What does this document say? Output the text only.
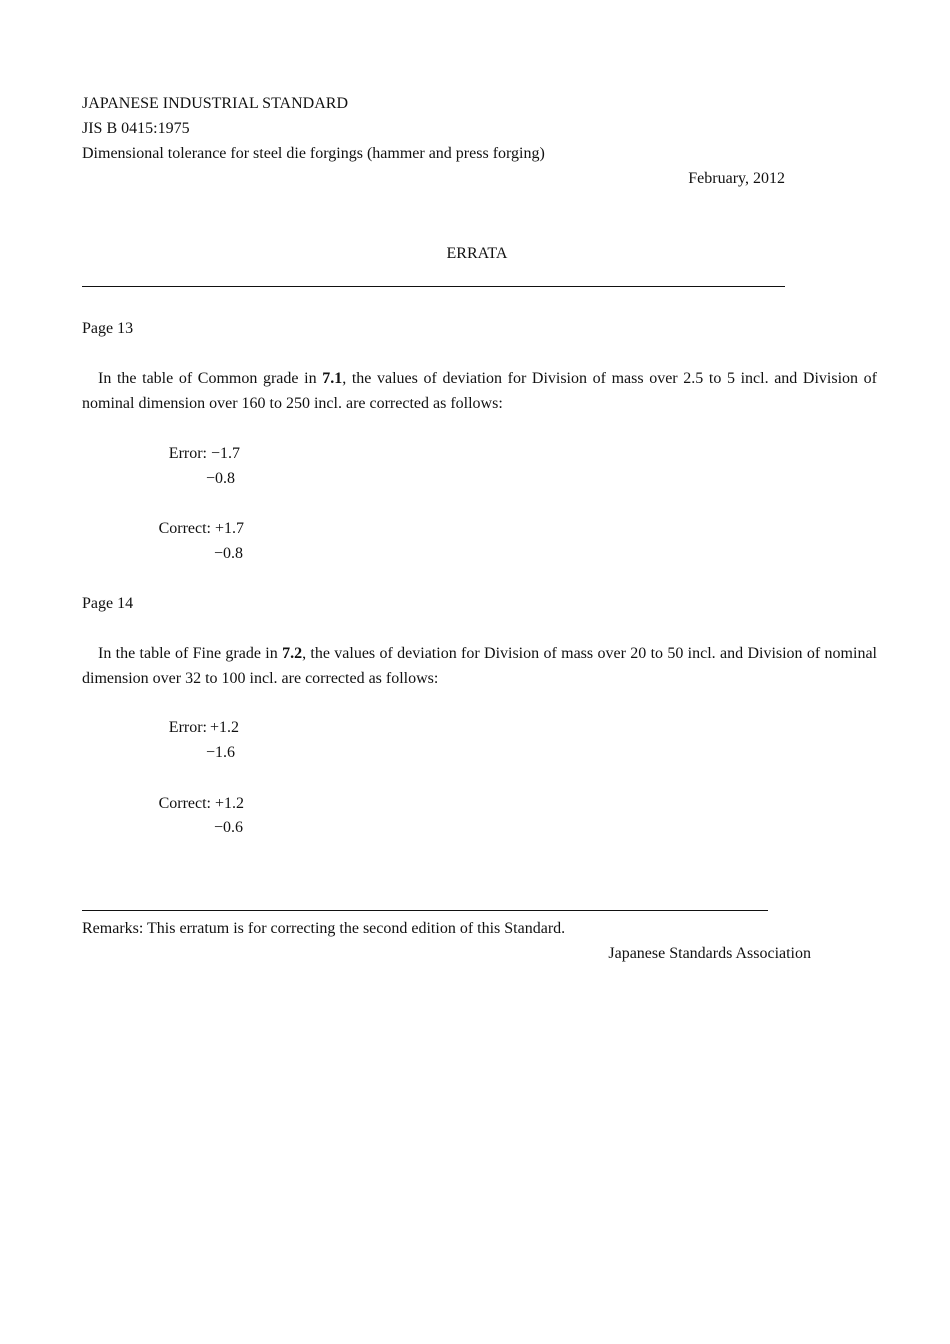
JAPANESE INDUSTRIAL STANDARD
JIS B 0415:1975
Dimensional tolerance for steel die forgings (hammer and press forging)
February, 2012
ERRATA
Page 13
In the table of Common grade in 7.1, the values of deviation for Division of mass over 2.5 to 5 incl. and Division of nominal dimension over 160 to 250 incl. are corrected as follows:
Error: −1.7
−0.8
Correct: +1.7
−0.8
Page 14
In the table of Fine grade in 7.2, the values of deviation for Division of mass over 20 to 50 incl. and Division of nominal dimension over 32 to 100 incl. are corrected as follows:
Error: +1.2
−1.6
Correct: +1.2
−0.6
Remarks: This erratum is for correcting the second edition of this Standard.
Japanese Standards Association
